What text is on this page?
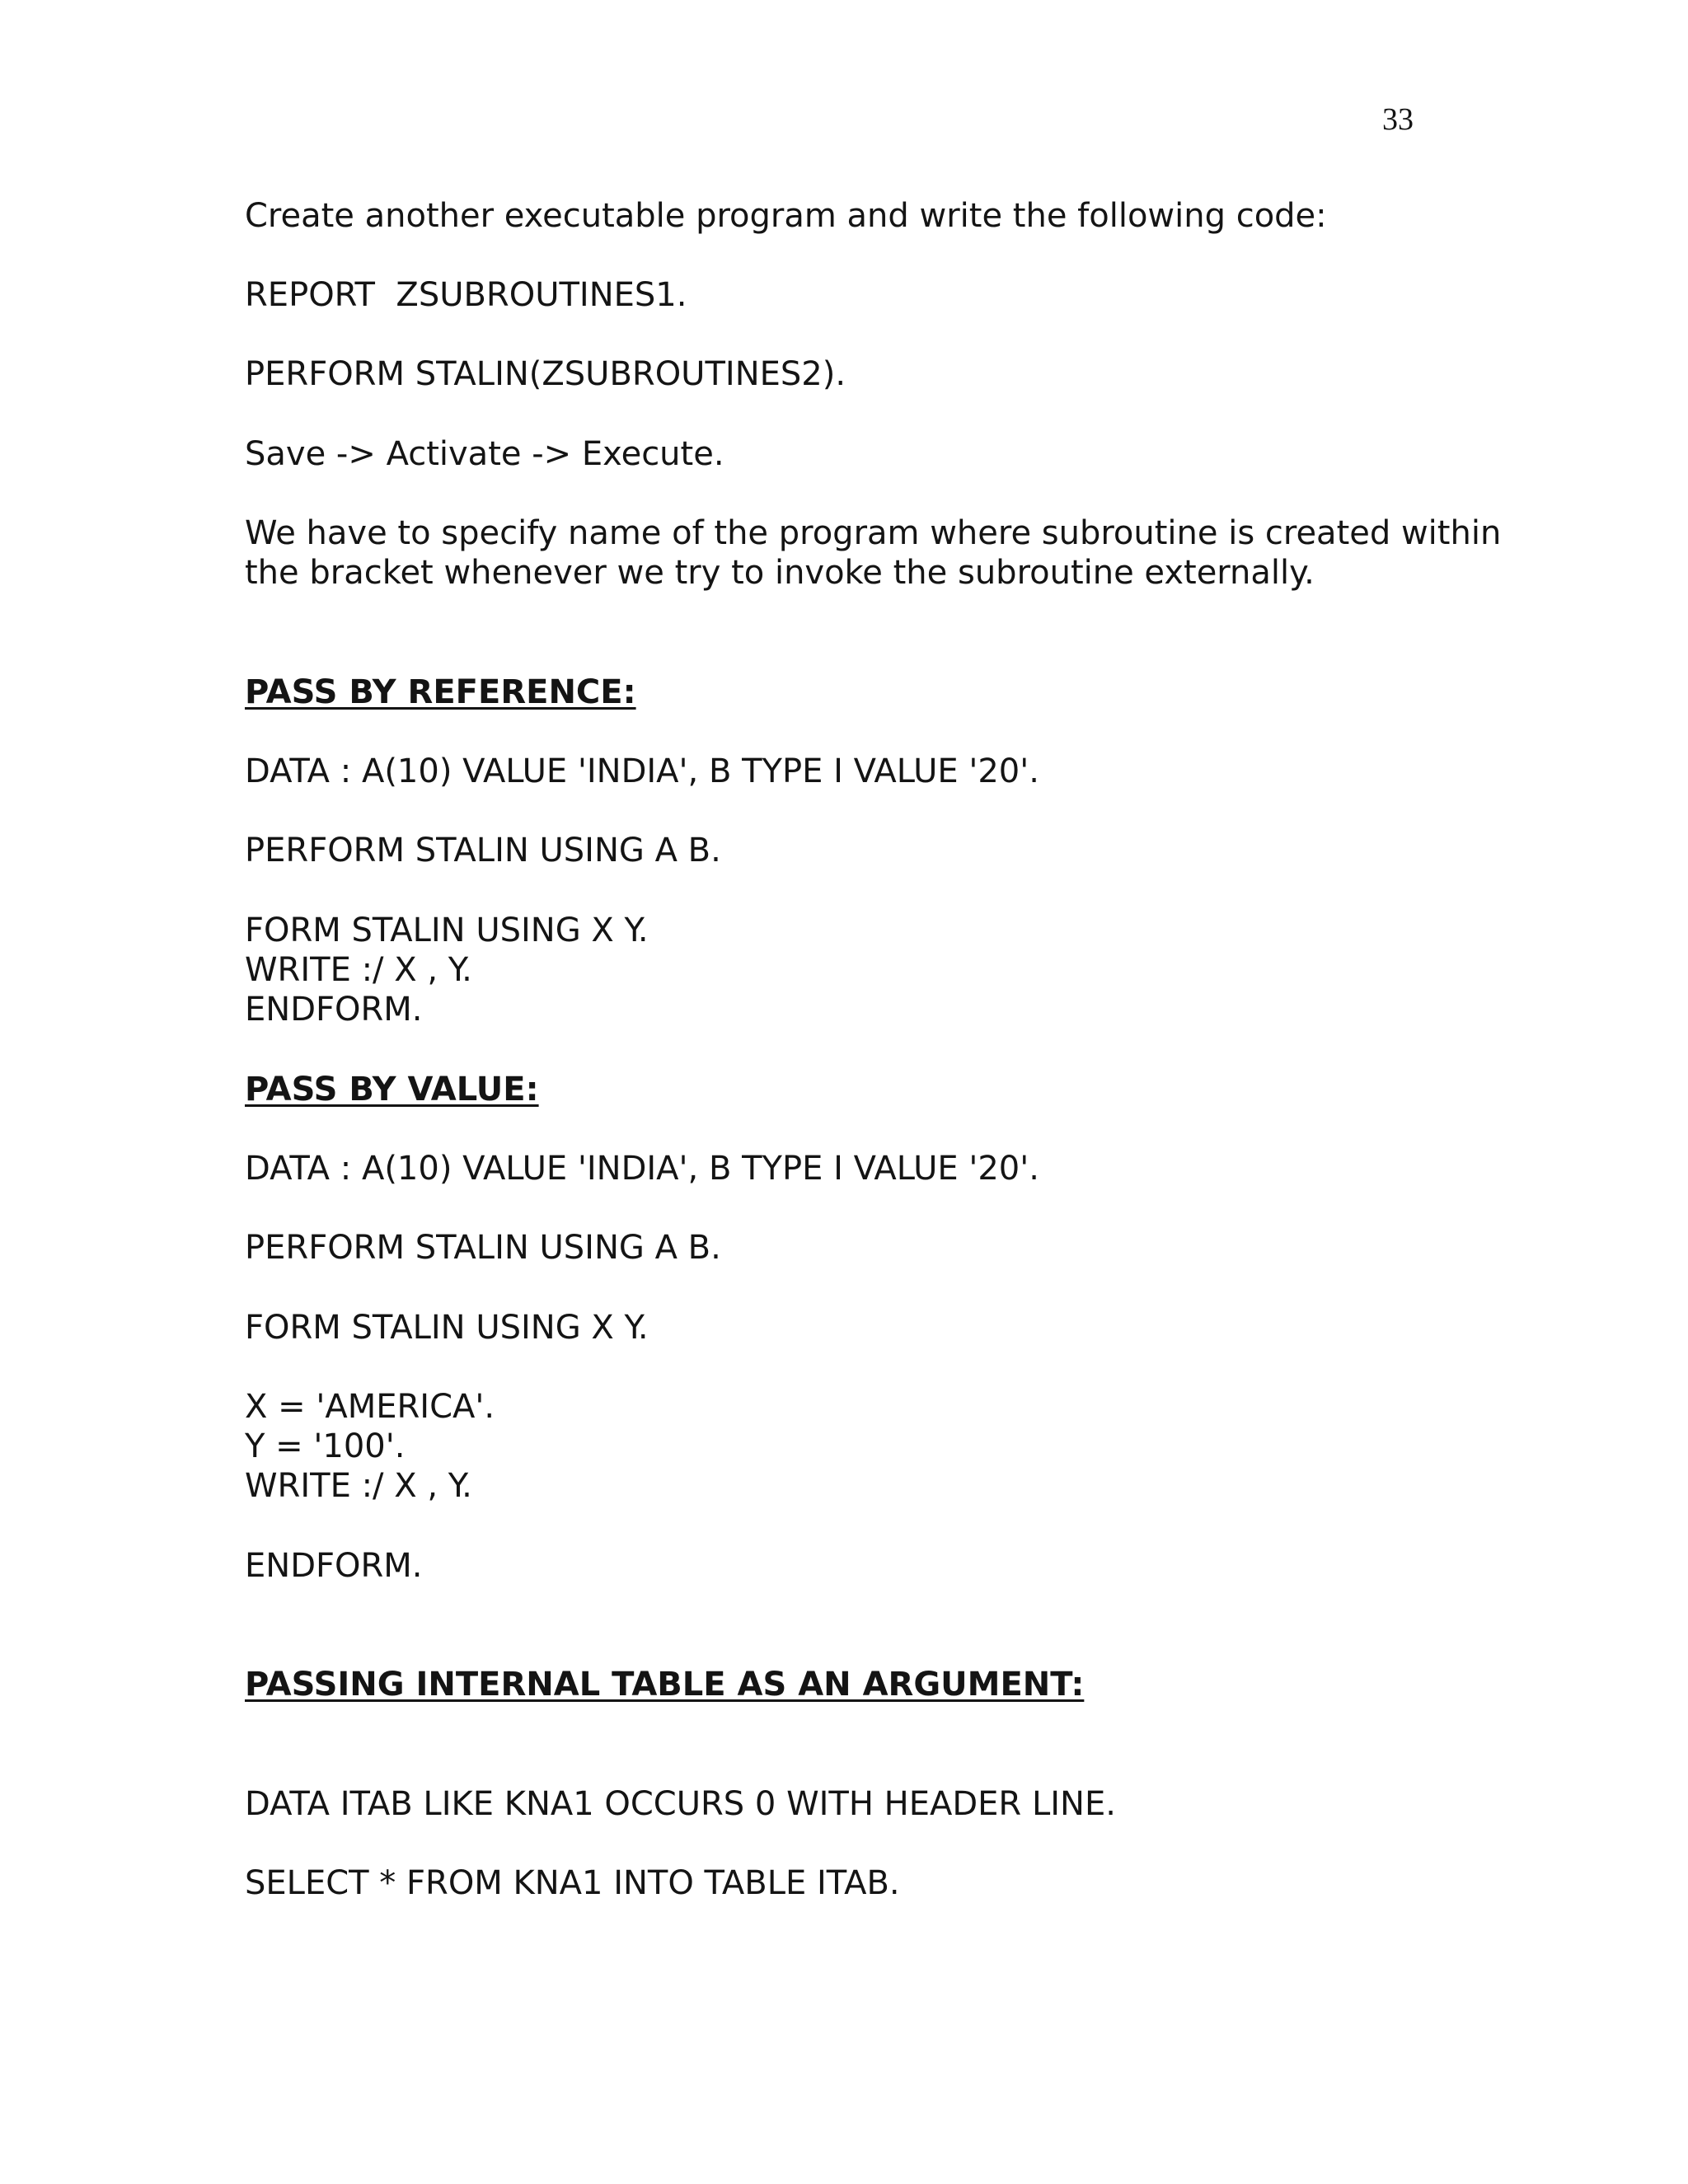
33
Create another executable program and write the following code:
REPORT  ZSUBROUTINES1.
PERFORM STALIN(ZSUBROUTINES2).
Save -> Activate -> Execute.
We have to specify name of the program where subroutine is created within
the bracket whenever we try to invoke the subroutine externally.
PASS BY REFERENCE:
DATA : A(10) VALUE 'INDIA', B TYPE I VALUE '20'.
PERFORM STALIN USING A B.
FORM STALIN USING X Y.
WRITE :/ X , Y.
ENDFORM.
PASS BY VALUE:
DATA : A(10) VALUE 'INDIA', B TYPE I VALUE '20'.
PERFORM STALIN USING A B.
FORM STALIN USING X Y.
X = 'AMERICA'.
Y = '100'.
WRITE :/ X , Y.
ENDFORM.
PASSING INTERNAL TABLE AS AN ARGUMENT:
DATA ITAB LIKE KNA1 OCCURS 0 WITH HEADER LINE.
SELECT * FROM KNA1 INTO TABLE ITAB.
